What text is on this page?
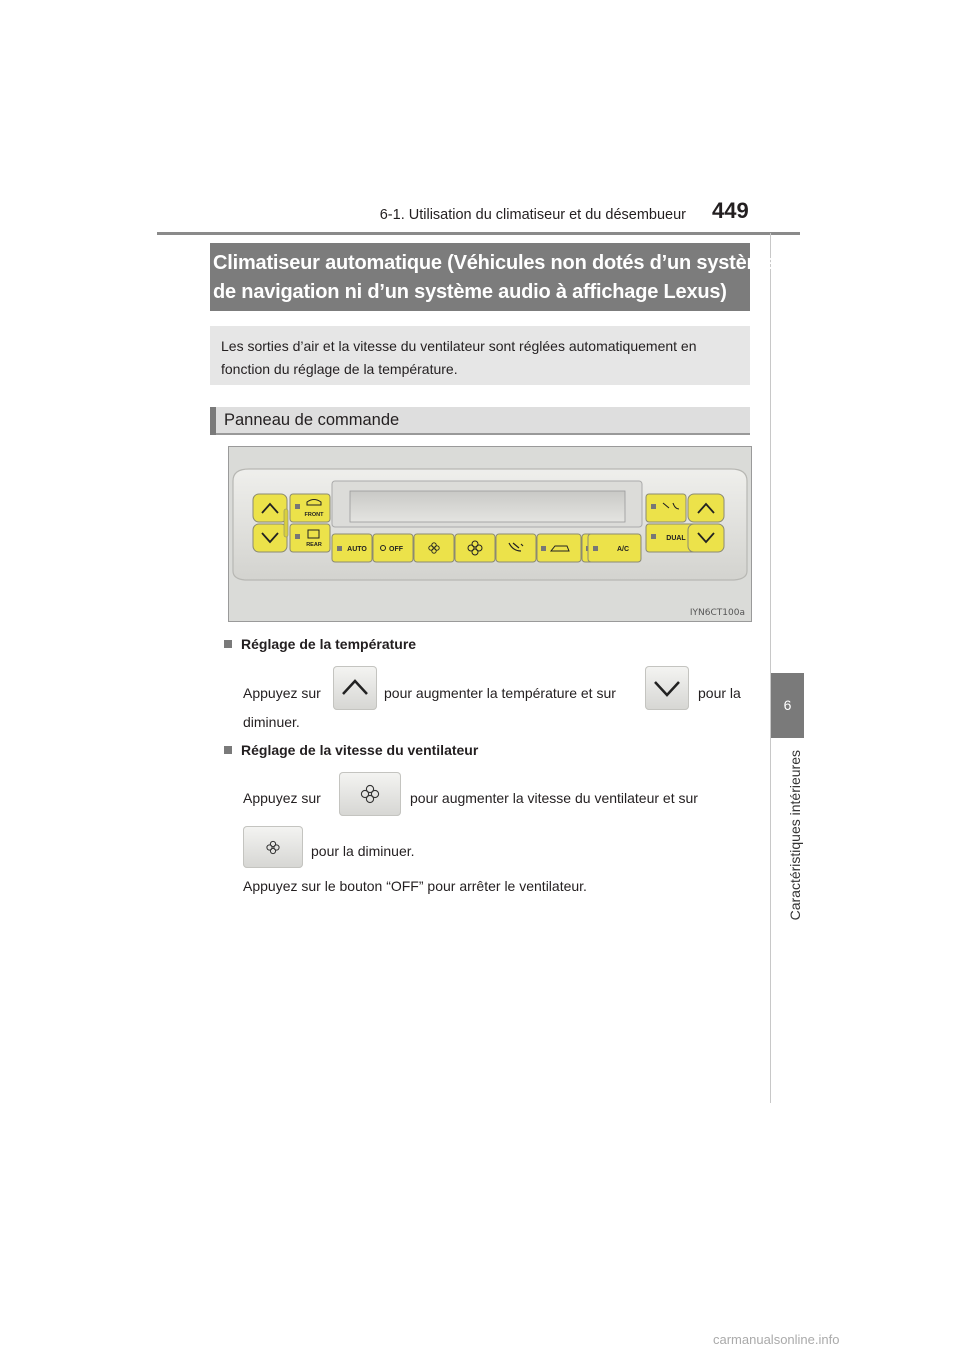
6-1. Utilisation du climatiseur et du désembueur 449
6
Caractéristiques intérieures
Climatiseur automatique (Véhicules non dotés d’un système
de navigation ni d’un système audio à affichage Lexus)
Les sorties d’air et la vitesse du ventilateur sont réglées automatiquement en
fonction du réglage de la température.
Panneau de commande
FRONT
REAR
AUTO	OFF	A/C
DUAL
IYN6CT100a
Réglage de la température
Appuyez sur	pour augmenter la température et sur	pour la
diminuer.
Réglage de la vitesse du ventilateur
Appuyez sur	pour augmenter la vitesse du ventilateur et sur
pour la diminuer.
Appuyez sur le bouton “OFF” pour arrêter le ventilateur.
carmanualsonline.info
